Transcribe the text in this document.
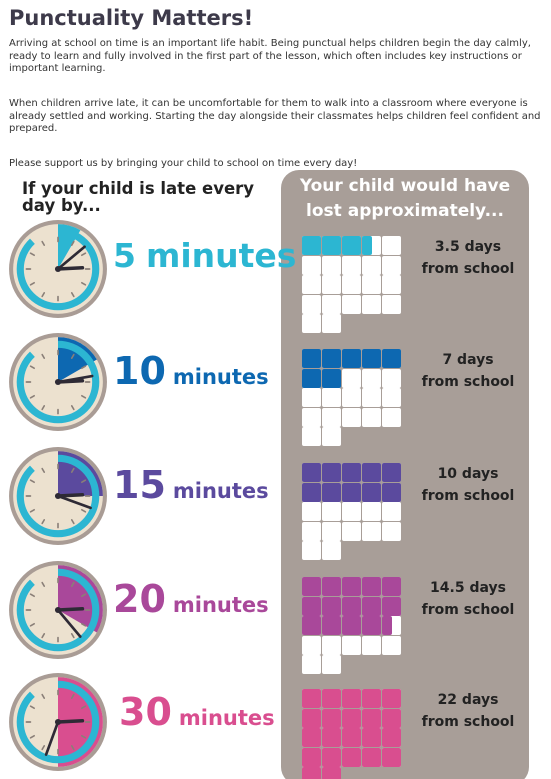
Punctuality Matters!
Arriving at school on time is an important life habit. Being punctual helps children begin the day calmly, ready to learn and fully involved in the first part of the lesson, which often includes key instructions or important learning.
When children arrive late, it can be uncomfortable for them to walk into a classroom where everyone is already settled and working. Starting the day alongside their classmates helps children feel confident and prepared.
Please support us by bringing your child to school on time every day!
If your child is late every day by...
Your child would have lost approximately...
5 minutes	3.5 days
from school
10 minutes
7 days
from school
15 minutes
10 days
from school
20 minutes
14.5 days
from school
30 minutes
22 days
from school
